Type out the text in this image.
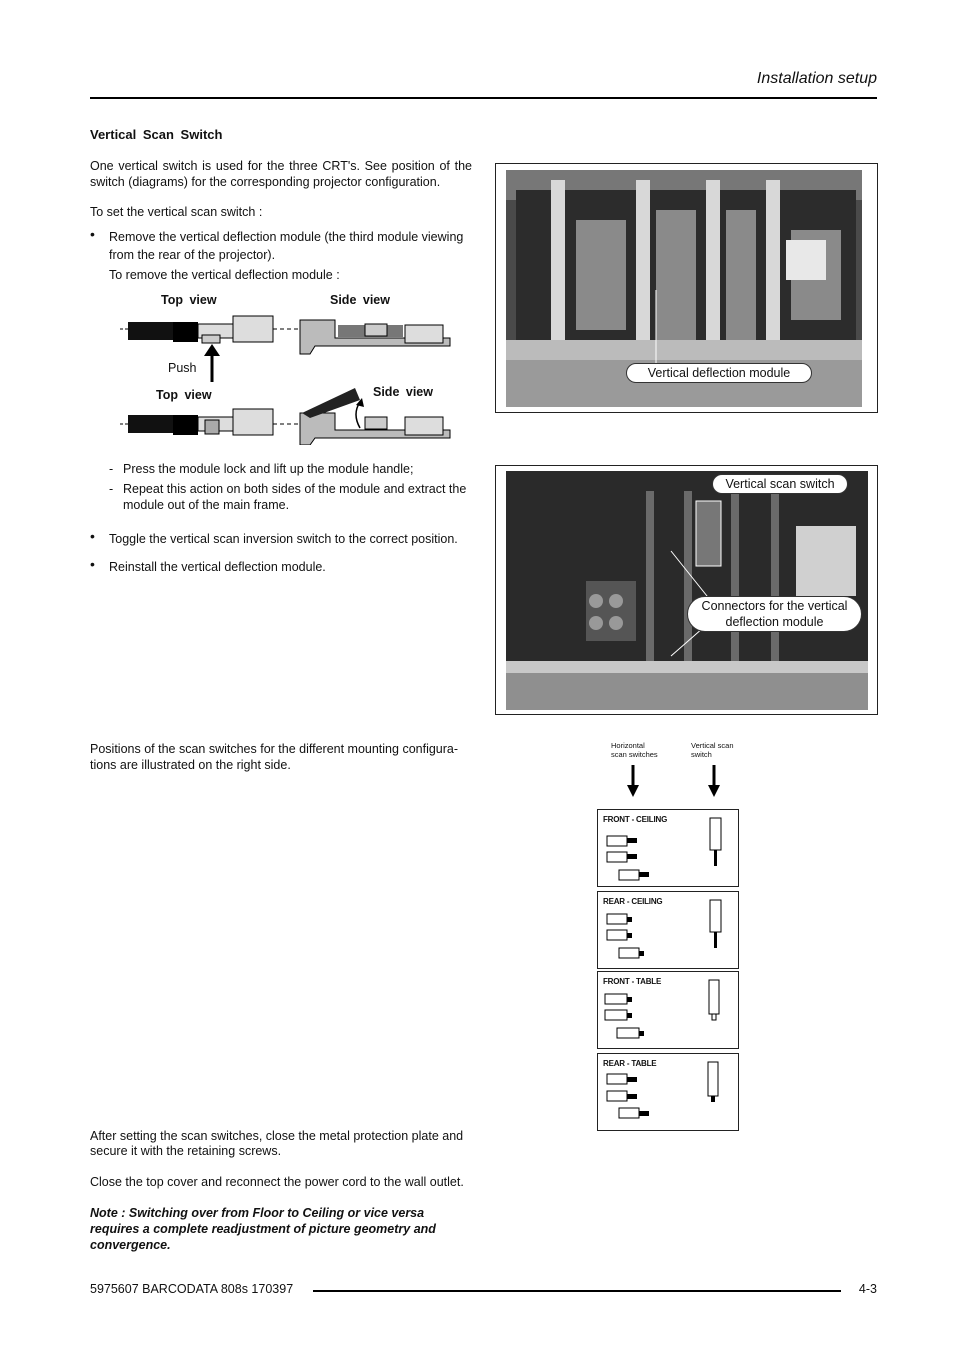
Installation setup
Vertical Scan Switch
One vertical switch is used for the three CRT's. See position of the switch (diagrams) for the corresponding projector configuration.
To set the vertical scan switch :
• Remove the vertical deflection module (the third module viewing
from the rear of the projector).
To remove the vertical deflection module :
Top view	Side view
Push
Top view	Side view
- Press the module lock and lift up the module handle;
- Repeat this action on both sides of the module and extract the
module out of the main frame.
• Toggle the vertical scan inversion switch to the correct position.
• Reinstall the vertical deflection module.
Vertical deflection module
Vertical scan switch
Connectors for the vertical
deflection module
Positions of the scan switches for the different mounting configura-
tions are illustrated on the right side.
Horizontal
scan switches
Vertical scan
switch
FRONT - CEILING
REAR - CEILING
FRONT - TABLE
REAR - TABLE
After setting the scan switches, close the metal protection plate and
secure it with the retaining screws.
Close the top cover and reconnect the power cord to the wall outlet.
Note : Switching over from Floor to Ceiling or vice versa
requires a complete readjustment of picture geometry and
convergence.
5975607 BARCODATA 808s 170397	4-3
